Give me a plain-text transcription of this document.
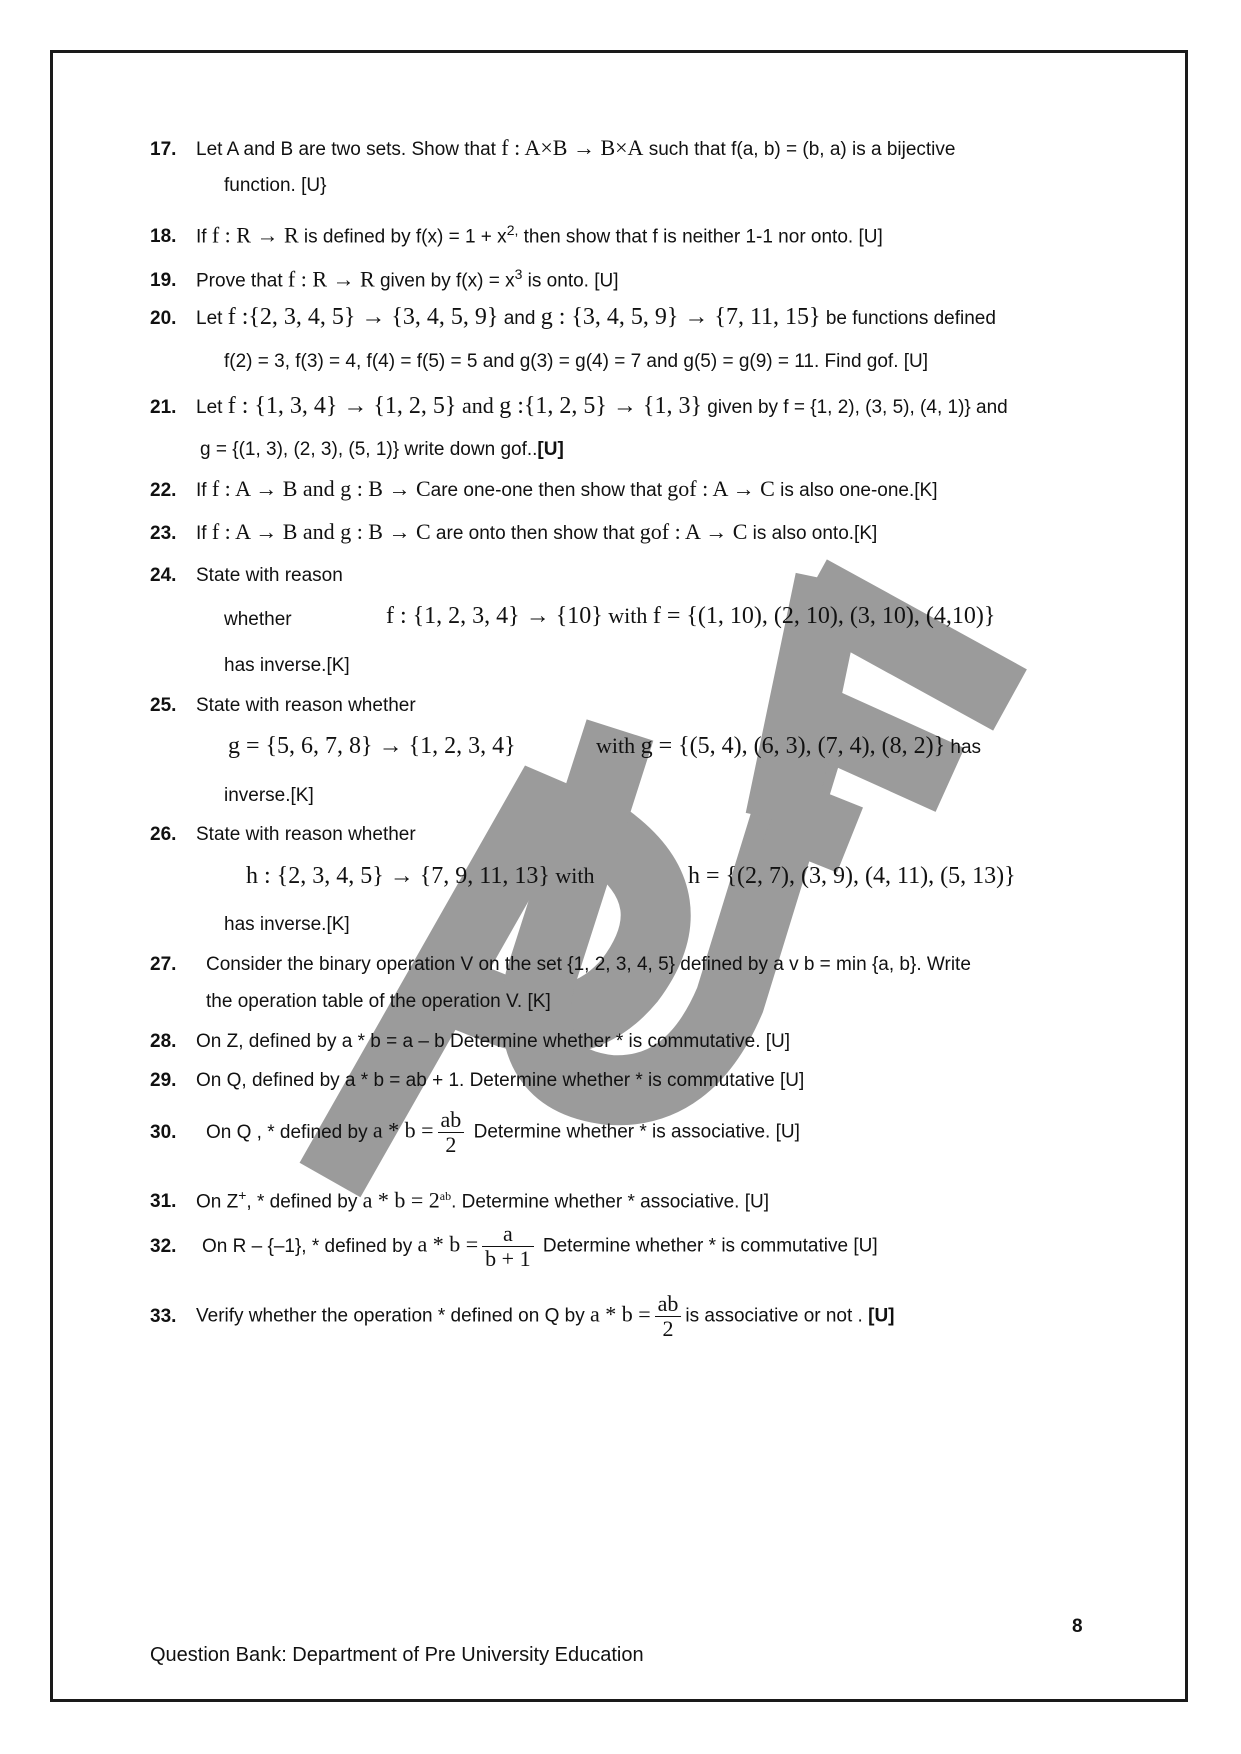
17. Let A and B are two sets. Show that f : A×B → B×A such that f(a, b) = (b, a) is a bijective
function. [U}
18. If f : R → R is defined by $f(x) = 1 + x^{2,}$ then show that f is neither 1-1 nor onto. [U]
19. Prove that f : R → R given by $f(x) = x^3$ is onto. [U]
20. Let f :{2, 3, 4, 5} → {3, 4, 5, 9} and g : {3, 4, 5, 9} → {7, 11, 15} be functions defined
f(2) = 3, f(3) = 4, f(4) = f(5) = 5 and g(3) = g(4) = 7 and g(5) = g(9) = 11. Find gof. [U]
21. Let f : {1, 3, 4} → {1, 2, 5} and g :{1, 2, 5} → {1, 3} given by f = {1, 2), (3, 5), (4, 1)} and
g = {(1, 3), (2, 3), (5, 1)} write down gof..[U]
22. If f : A → B and g : B → Care one-one then show that gof : A → C is also one-one.[K]
23. If f : A → B and g : B → C are onto then show that gof : A → C is also onto.[K]
24. State with reason
whether	f : {1, 2, 3, 4} → {10} with f = {(1, 10), (2, 10), (3, 10), (4,10)}
has inverse.[K]
25. State with reason whether
g = {5, 6, 7, 8} → {1, 2, 3, 4}	with g = {(5, 4), (6, 3), (7, 4), (8, 2)} has
inverse.[K]
26. State with reason whether
h : {2, 3, 4, 5} → {7, 9, 11, 13} with	h = {(2, 7), (3, 9), (4, 11), (5, 13)}
has inverse.[K]
27. Consider the binary operation V on the set {1, 2, 3, 4, 5} defined by a v b = min {a, b}. Write
the operation table of the operation V. [K]
28. On Z, defined by a * b = a – b Determine whether * is commutative. [U]
29. On Q, defined by a * b = ab + 1. Determine whether * is commutative [U]
30. On Q , * defined by $a * b = \frac{ab}{2}$ Determine whether * is associative. [U]
31. On Z+, * defined by $a * b = 2^{ab}$. Determine whether * associative. [U]
32. On R – {–1}, * defined by $a * b = \frac{a}{b + 1}$ Determine whether * is commutative [U]
33. Verify whether the operation * defined on Q by $a * b = \frac{ab}{2}$ is associative or not . [U]
8
Question Bank: Department of Pre University Education
